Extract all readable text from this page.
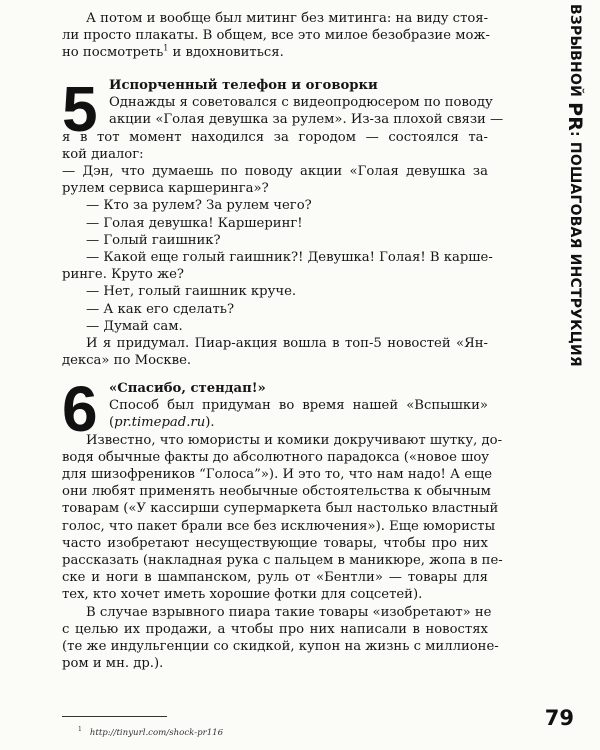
ВЗРЫВНОЙ PR: ПОШАГОВАЯ ИНСТРУКЦИЯ
А потом и вообще был митинг без митинга: на виду стоя-
ли просто плакаты. В общем, все это милое безобразие мож-
но посмотреть$^1$ и вдохновиться.
5 Испорченный телефон и оговорки
Однажды я советовался с видеопродюсером по поводу
акции «Голая девушка за рулем». Из-за плохой связи —
я в тот момент находился за городом — состоялся та-
кой диалог:
— Дэн, что думаешь по поводу акции «Голая девушка за
рулем сервиса каршеринга»?
— Кто за рулем? За рулем чего?
— Голая девушка! Каршеринг!
— Голый гаишник?
— Какой еще голый гаишник?! Девушка! Голая! В карше-
ринге. Круто же?
— Нет, голый гаишник круче.
— А как его сделать?
— Думай сам.
И я придумал. Пиар-акция вошла в топ-5 новостей «Ян-
декса» по Москве.
6 «Спасибо, стендап!»
Способ был придуман во время нашей «Вспышки»
(pr.timepad.ru).
Известно, что юмористы и комики докручивают шутку, до-
водя обычные факты до абсолютного парадокса («новое шоу
для шизофреников “Голоса”»). И это то, что нам надо! А еще
они любят применять необычные обстоятельства к обычным
товарам («У кассирши супермаркета был настолько властный
голос, что пакет брали все без исключения»). Еще юмористы
часто изобретают несуществующие товары, чтобы про них
рассказать (накладная рука с пальцем в маникюре, жопа в пе-
ске и ноги в шампанском, руль от «Бентли» — товары для
тех, кто хочет иметь хорошие фотки для соцсетей).
В случае взрывного пиара такие товары «изобретают» не
с целью их продажи, а чтобы про них написали в новостях
(те же индульгенции со скидкой, купон на жизнь с миллионе-
ром и мн. др.).
$^1$ http://tinyurl.com/shock-pr116
79
